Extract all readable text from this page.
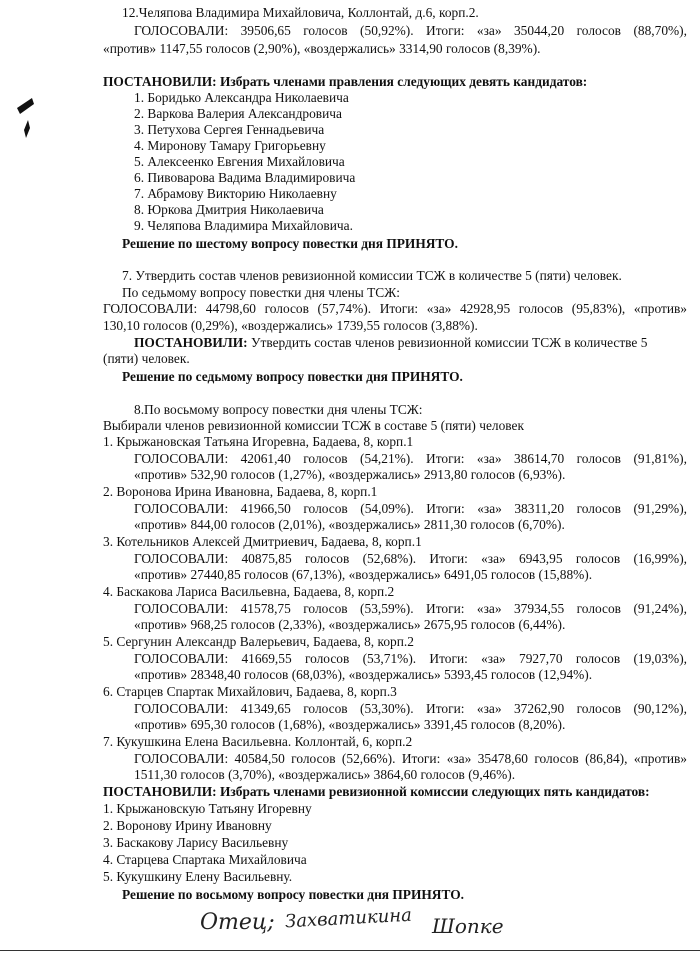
12.Челяпова Владимира Михайловича, Коллонтай, д.6, корп.2.
ГОЛОСОВАЛИ: 39506,65 голосов (50,92%). Итоги: «за» 35044,20 голосов (88,70%),
«против» 1147,55 голосов (2,90%), «воздержались» 3314,90 голосов (8,39%).
ПОСТАНОВИЛИ: Избрать членами правления следующих девять кандидатов:
1. Боридько Александра Николаевича
2. Варкова Валерия Александровича
3. Петухова Сергея Геннадьевича
4. Миронову Тамару Григорьевну
5. Алексеенко Евгения Михайловича
6. Пивоварова Вадима Владимировича
7. Абрамову Викторию Николаевну
8. Юркова Дмитрия Николаевича
9. Челяпова Владимира Михайловича.
Решение по шестому вопросу повестки дня ПРИНЯТО.
7. Утвердить состав членов ревизионной комиссии ТСЖ в количестве 5 (пяти) человек.
По седьмому вопросу повестки дня члены ТСЖ:
ГОЛОСОВАЛИ: 44798,60 голосов (57,74%). Итоги: «за» 42928,95 голосов (95,83%), «против»
130,10 голосов (0,29%), «воздержались» 1739,55 голосов (3,88%).
ПОСТАНОВИЛИ: Утвердить состав членов ревизионной комиссии ТСЖ в количестве 5
(пяти) человек.
Решение по седьмому вопросу повестки дня ПРИНЯТО.
8.По восьмому вопросу повестки дня члены ТСЖ:
Выбирали членов ревизионной комиссии ТСЖ в составе 5 (пяти) человек
1. Крыжановская Татьяна Игоревна, Бадаева, 8, корп.1
ГОЛОСОВАЛИ: 42061,40 голосов (54,21%). Итоги: «за» 38614,70 голосов (91,81%),
«против» 532,90 голосов (1,27%), «воздержались» 2913,80 голосов (6,93%).
2. Воронова Ирина Ивановна, Бадаева, 8, корп.1
ГОЛОСОВАЛИ: 41966,50 голосов (54,09%). Итоги: «за» 38311,20 голосов (91,29%),
«против» 844,00 голосов (2,01%), «воздержались» 2811,30 голосов (6,70%).
3. Котельников Алексей Дмитриевич, Бадаева, 8, корп.1
ГОЛОСОВАЛИ: 40875,85 голосов (52,68%). Итоги: «за» 6943,95 голосов (16,99%),
«против» 27440,85 голосов (67,13%), «воздержались» 6491,05 голосов (15,88%).
4. Баскакова Лариса Васильевна, Бадаева, 8, корп.2
ГОЛОСОВАЛИ: 41578,75 голосов (53,59%). Итоги: «за» 37934,55 голосов (91,24%),
«против» 968,25 голосов (2,33%), «воздержались» 2675,95 голосов (6,44%).
5. Сергунин Александр Валерьевич, Бадаева, 8, корп.2
ГОЛОСОВАЛИ: 41669,55 голосов (53,71%). Итоги: «за» 7927,70 голосов (19,03%),
«против» 28348,40 голосов (68,03%), «воздержались» 5393,45 голосов (12,94%).
6. Старцев Спартак Михайлович, Бадаева, 8, корп.3
ГОЛОСОВАЛИ: 41349,65 голосов (53,30%). Итоги: «за» 37262,90 голосов (90,12%),
«против» 695,30 голосов (1,68%), «воздержались» 3391,45 голосов (8,20%).
7. Кукушкина Елена Васильевна. Коллонтай, 6, корп.2
ГОЛОСОВАЛИ: 40584,50 голосов (52,66%). Итоги: «за» 35478,60 голосов (86,84), «против»
1511,30 голосов (3,70%), «воздержались» 3864,60 голосов (9,46%).
ПОСТАНОВИЛИ: Избрать членами ревизионной комиссии следующих пять кандидатов:
1. Крыжановскую Татьяну Игоревну
2. Воронову Ирину Ивановну
3. Баскакову Ларису Васильевну
4. Старцева Спартака Михайловича
5. Кукушкину Елену Васильевну.
Решение по восьмому вопросу повестки дня ПРИНЯТО.
Отец; Захватикина Шопке
